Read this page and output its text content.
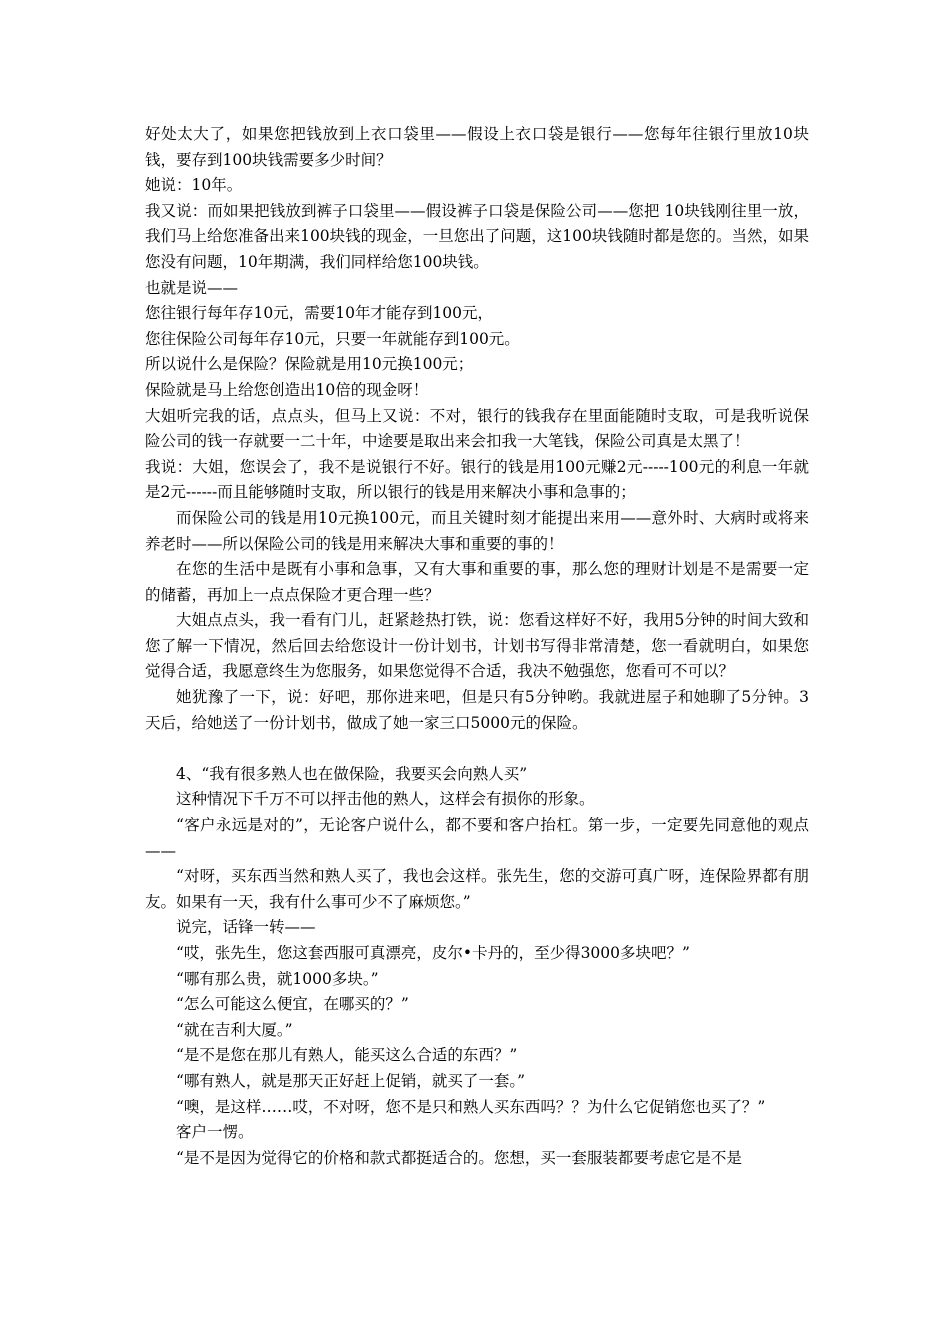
好处太大了，如果您把钱放到上衣口袋里——假设上衣口袋是银行——您每年往银行里放10块钱，要存到100块钱需要多少时间？

她说：10年。

我又说：而如果把钱放到裤子口袋里——假设裤子口袋是保险公司——您把 10块钱刚往里一放，我们马上给您准备出来100块钱的现金，一旦您出了问题，这100块钱随时都是您的。当然，如果您没有问题，10年期满，我们同样给您100块钱。

也就是说——

您往银行每年存10元，需要10年才能存到100元，

您往保险公司每年存10元，只要一年就能存到100元。

所以说什么是保险？保险就是用10元换100元；

保险就是马上给您创造出10倍的现金呀！

大姐听完我的话，点点头，但马上又说：不对，银行的钱我存在里面能随时支取，可是我听说保险公司的钱一存就要一二十年，中途要是取出来会扣我一大笔钱，保险公司真是太黑了！

我说：大姐，您误会了，我不是说银行不好。银行的钱是用100元赚2元-----100元的利息一年就是2元------而且能够随时支取，所以银行的钱是用来解决小事和急事的；

而保险公司的钱是用10元换100元，而且关键时刻才能提出来用——意外时、大病时或将来养老时——所以保险公司的钱是用来解决大事和重要的事的！

在您的生活中是既有小事和急事，又有大事和重要的事，那么您的理财计划是不是需要一定的储蓄，再加上一点点保险才更合理一些？

大姐点点头，我一看有门儿，赶紧趁热打铁，说：您看这样好不好，我用5分钟的时间大致和您了解一下情况，然后回去给您设计一份计划书，计划书写得非常清楚，您一看就明白，如果您觉得合适，我愿意终生为您服务，如果您觉得不合适，我决不勉强您，您看可不可以？

她犹豫了一下，说：好吧，那你进来吧，但是只有5分钟哟。我就进屋子和她聊了5分钟。3天后，给她送了一份计划书，做成了她一家三口5000元的保险。

4、“我有很多熟人也在做保险，我要买会向熟人买”

这种情况下千万不可以抨击他的熟人，这样会有损你的形象。

“客户永远是对的”，无论客户说什么，都不要和客户抬杠。第一步，一定要先同意他的观点——

“对呀，买东西当然和熟人买了，我也会这样。张先生，您的交游可真广呀，连保险界都有朋友。如果有一天，我有什么事可少不了麻烦您。”

说完，话锋一转——

“哎，张先生，您这套西服可真漂亮，皮尔•卡丹的，至少得3000多块吧？”

“哪有那么贵，就1000多块。”

“怎么可能这么便宜，在哪买的？”

“就在吉利大厦。”

“是不是您在那儿有熟人，能买这么合适的东西？”

“哪有熟人，就是那天正好赶上促销，就买了一套。”

“噢，是这样……哎，不对呀，您不是只和熟人买东西吗？？为什么它促销您也买了？”

客户一愣。

“是不是因为觉得它的价格和款式都挺适合的。您想，买一套服装都要考虑它是不是
